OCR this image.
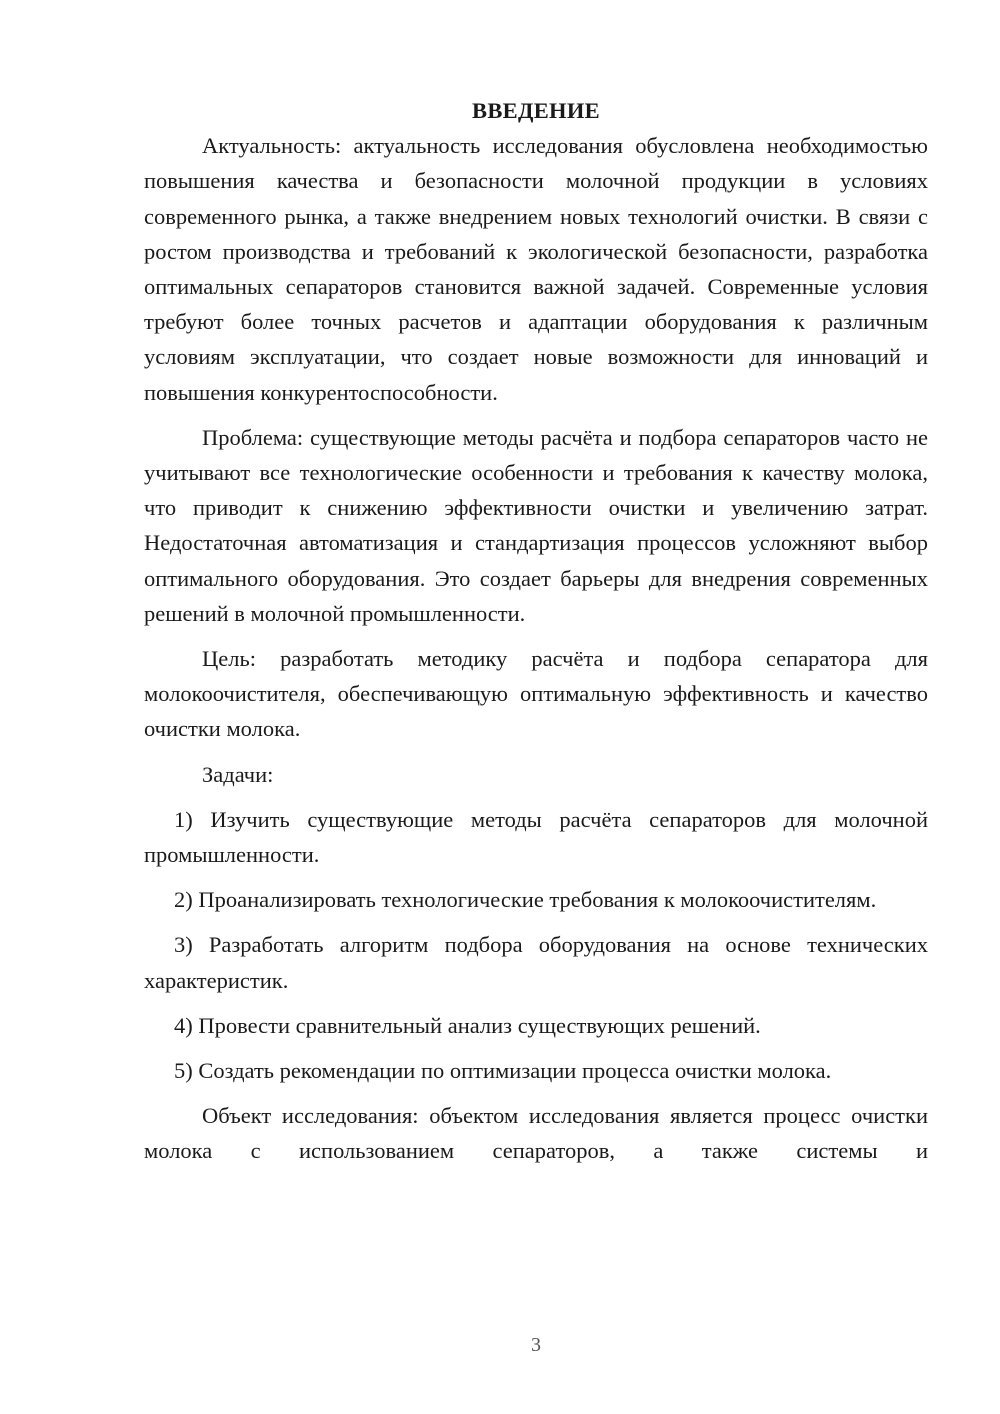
ВВЕДЕНИЕ

Актуальность: актуальность исследования обусловлена необходимостью повышения качества и безопасности молочной продукции в условиях современного рынка, а также внедрением новых технологий очистки. В связи с ростом производства и требований к экологической безопасности, разработка оптимальных сепараторов становится важной задачей. Современные условия требуют более точных расчетов и адаптации оборудования к различным условиям эксплуатации, что создает новые возможности для инноваций и повышения конкурентоспособности.

Проблема: существующие методы расчёта и подбора сепараторов часто не учитывают все технологические особенности и требования к качеству молока, что приводит к снижению эффективности очистки и увеличению затрат. Недостаточная автоматизация и стандартизация процессов усложняют выбор оптимального оборудования. Это создает барьеры для внедрения современных решений в молочной промышленности.

Цель: разработать методику расчёта и подбора сепаратора для молокоочистителя, обеспечивающую оптимальную эффективность и качество очистки молока.

Задачи:

1) Изучить существующие методы расчёта сепараторов для молочной промышленности.

2) Проанализировать технологические требования к молокоочистителям.

3) Разработать алгоритм подбора оборудования на основе технических характеристик.

4) Провести сравнительный анализ существующих решений.

5) Создать рекомендации по оптимизации процесса очистки молока.

Объект исследования: объектом исследования является процесс очистки молока с использованием сепараторов, а также системы и

3
